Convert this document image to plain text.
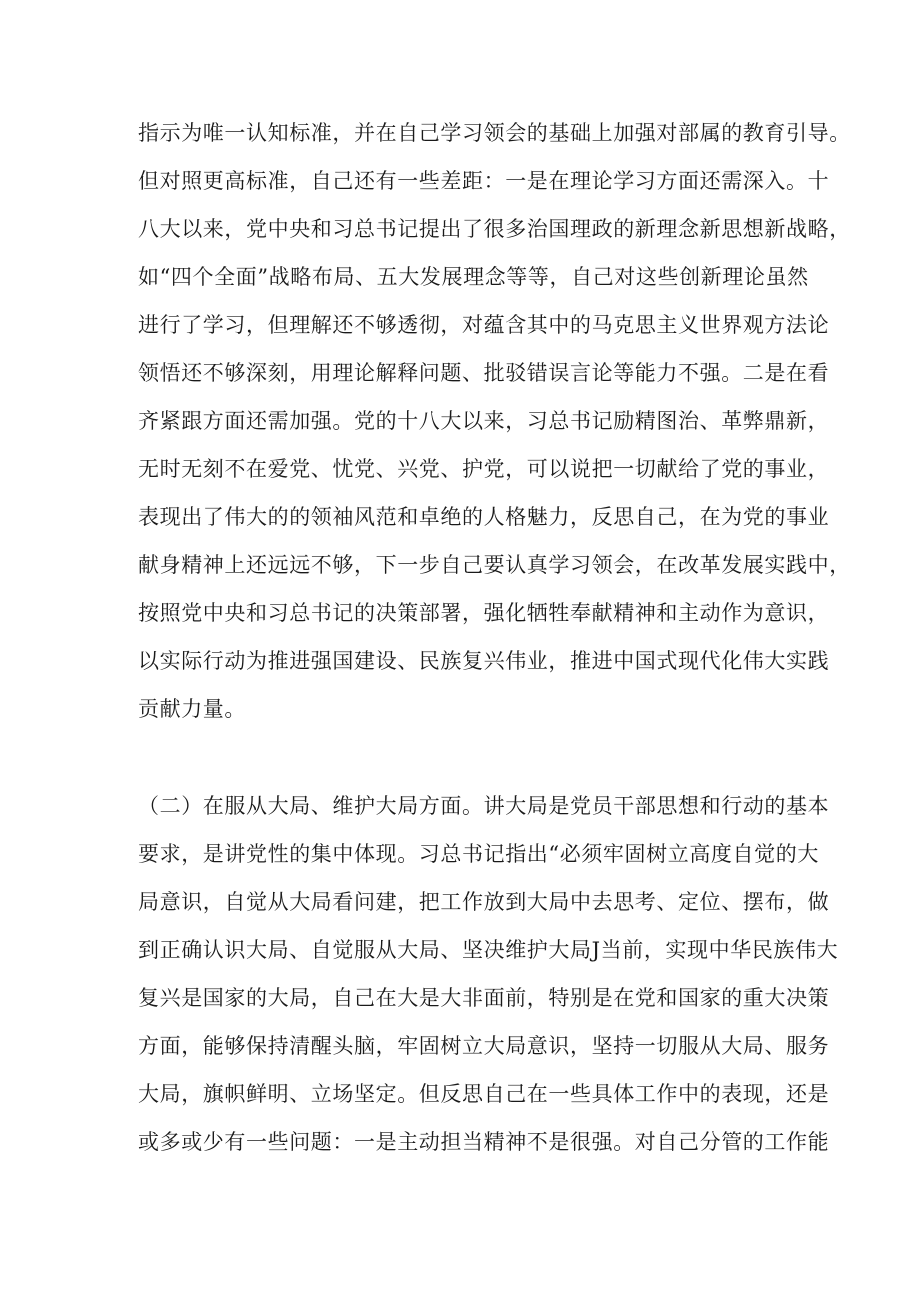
指示为唯一认知标准，并在自己学习领会的基础上加强对部属的教育引导。
但对照更高标准，自己还有一些差距：一是在理论学习方面还需深入。十
八大以来，党中央和习总书记提出了很多治国理政的新理念新思想新战略，
如“四个全面”战略布局、五大发展理念等等，自己对这些创新理论虽然
进行了学习，但理解还不够透彻，对蕴含其中的马克思主义世界观方法论
领悟还不够深刻，用理论解释问题、批驳错误言论等能力不强。二是在看
齐紧跟方面还需加强。党的十八大以来，习总书记励精图治、革弊鼎新，
无时无刻不在爱党、忧党、兴党、护党，可以说把一切献给了党的事业，
表现出了伟大的的领袖风范和卓绝的人格魅力，反思自己，在为党的事业
献身精神上还远远不够，下一步自己要认真学习领会，在改革发展实践中，
按照党中央和习总书记的决策部署，强化牺牲奉献精神和主动作为意识，
以实际行动为推进强国建设、民族复兴伟业，推进中国式现代化伟大实践
贡献力量。
（二）在服从大局、维护大局方面。讲大局是党员干部思想和行动的基本
要求，是讲党性的集中体现。习总书记指出“必须牢固树立高度自觉的大
局意识，自觉从大局看问建，把工作放到大局中去思考、定位、摆布，做
到正确认识大局、自觉服从大局、坚决维护大局J当前，实现中华民族伟大
复兴是国家的大局，自己在大是大非面前，特别是在党和国家的重大决策
方面，能够保持清醒头脑，牢固树立大局意识，坚持一切服从大局、服务
大局，旗帜鲜明、立场坚定。但反思自己在一些具体工作中的表现，还是
或多或少有一些问题：一是主动担当精神不是很强。对自己分管的工作能
